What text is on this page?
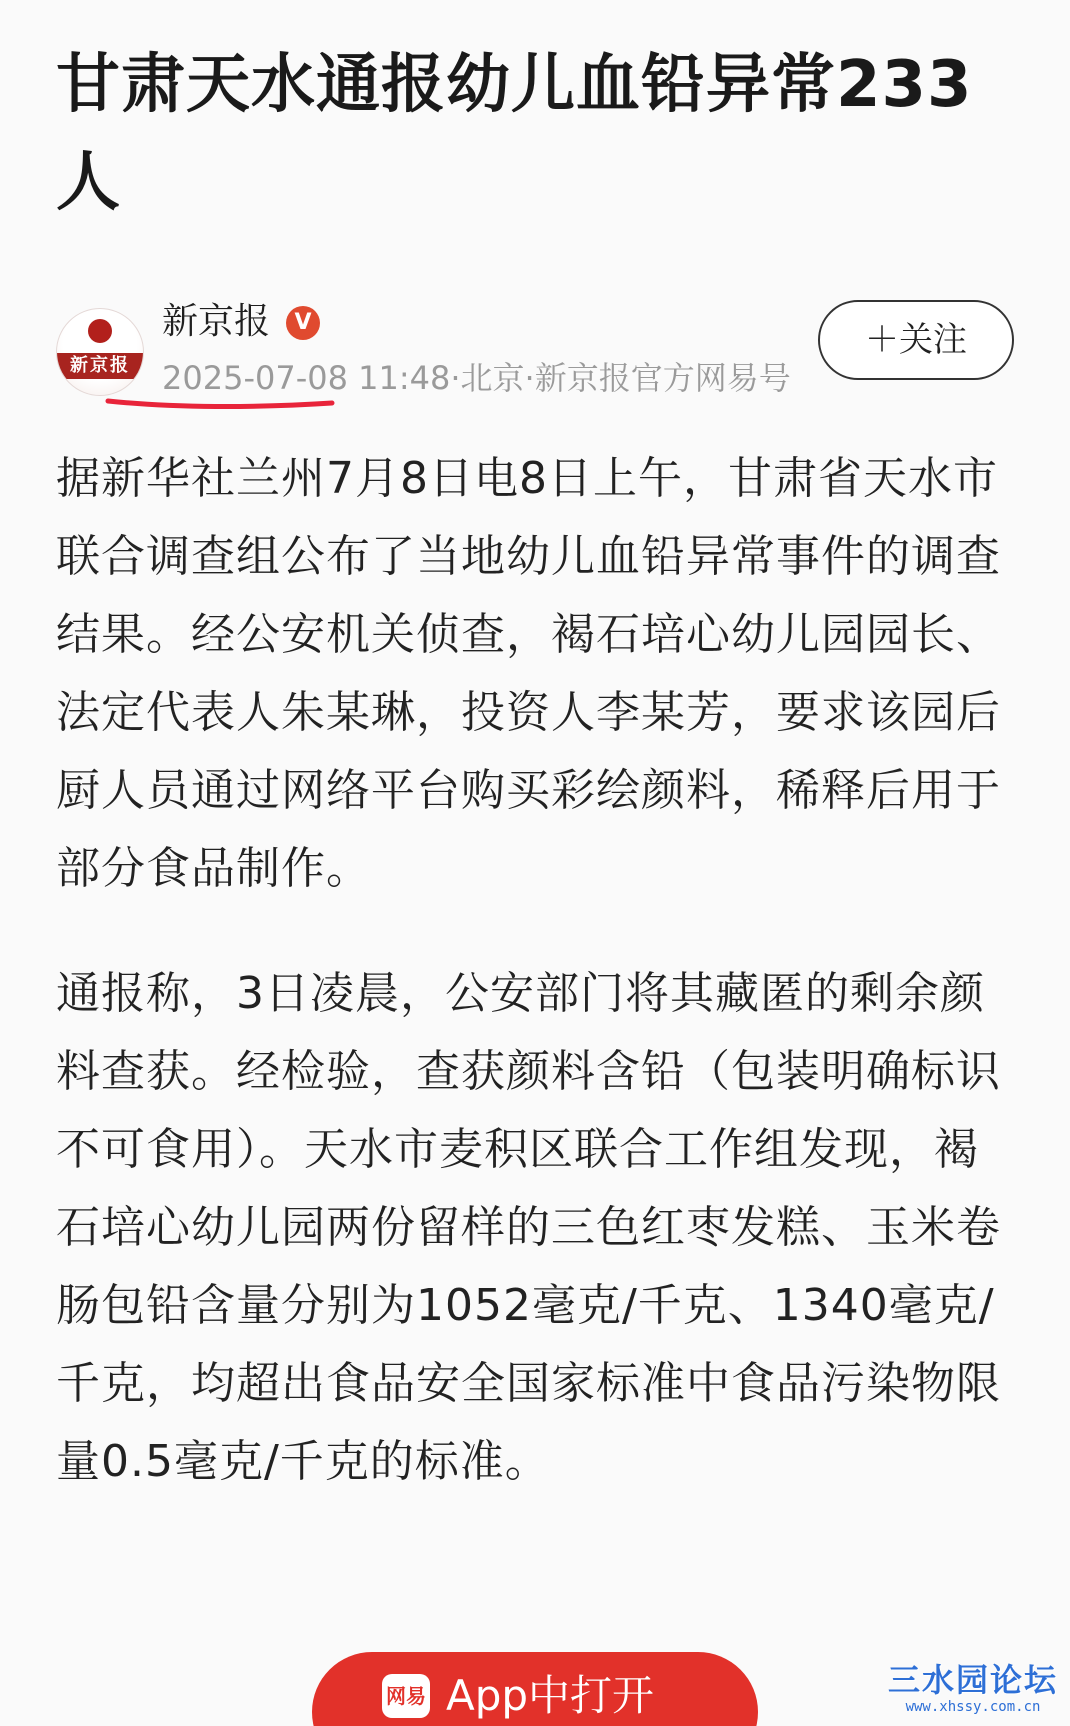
甘肃天水通报幼儿血铅异常233人
新京报
新京报	V
2025-07-08 11:48·北京·新京报官方网易号
＋关注

据新华社兰州7月8日电8日上午，甘肃省天水市联合调查组公布了当地幼儿血铅异常事件的调查结果。经公安机关侦查，褐石培心幼儿园园长、法定代表人朱某琳，投资人李某芳，要求该园后厨人员通过网络平台购买彩绘颜料，稀释后用于部分食品制作。

通报称，3日凌晨，公安部门将其藏匿的剩余颜料查获。经检验，查获颜料含铅（包装明确标识不可食用）。天水市麦积区联合工作组发现，褐石培心幼儿园两份留样的三色红枣发糕、玉米卷肠包铅含量分别为1052毫克/千克、1340毫克/千克，均超出食品安全国家标准中食品污染物限量0.5毫克/千克的标准。

网易 App中打开	三水园论坛
www.xhssy.com.cn
